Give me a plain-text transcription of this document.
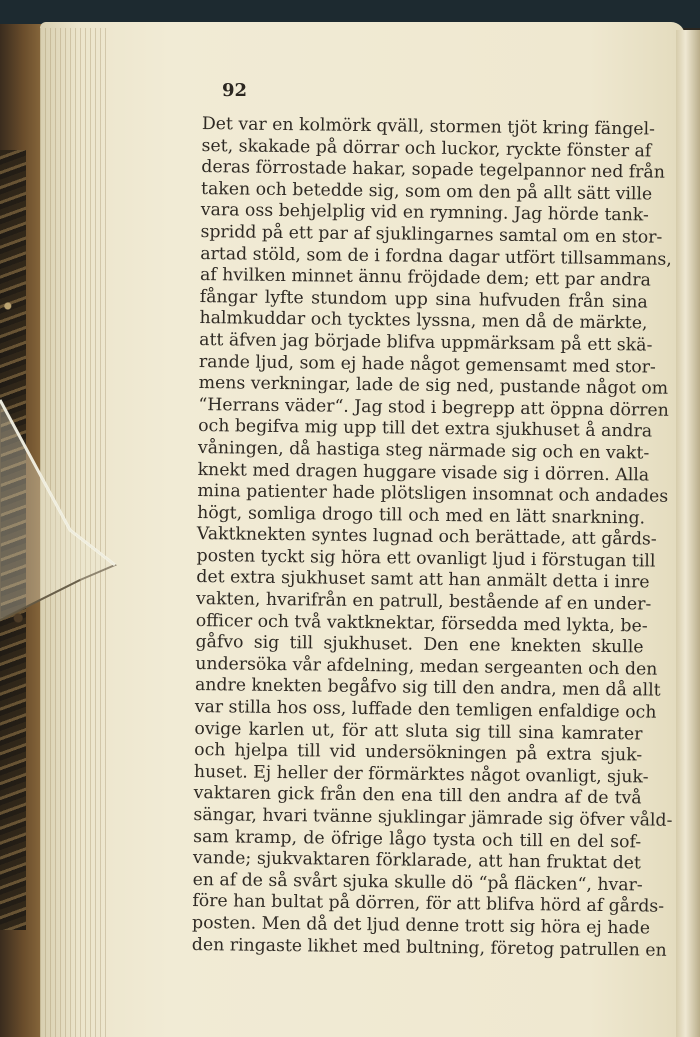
92
Det var en kolmörk qväll, stormen tjöt kring fängel-
set, skakade på dörrar och luckor, ryckte fönster af
deras förrostade hakar, sopade tegelpannor ned från
taken och betedde sig, som om den på allt sätt ville
vara oss behjelplig vid en rymning. Jag hörde tank-
spridd på ett par af sjuklingarnes samtal om en stor-
artad stöld, som de i fordna dagar utfört tillsammans,
af hvilken minnet ännu fröjdade dem; ett par andra
fångar lyfte stundom upp sina hufvuden från sina
halmkuddar och tycktes lyssna, men då de märkte,
att äfven jag började blifva uppmärksam på ett skä-
rande ljud, som ej hade något gemensamt med stor-
mens verkningar, lade de sig ned, pustande något om
“Herrans väder“. Jag stod i begrepp att öppna dörren
och begifva mig upp till det extra sjukhuset å andra
våningen, då hastiga steg närmade sig och en vakt-
knekt med dragen huggare visade sig i dörren. Alla
mina patienter hade plötsligen insomnat och andades
högt, somliga drogo till och med en lätt snarkning.
Vaktknekten syntes lugnad och berättade, att gårds-
posten tyckt sig höra ett ovanligt ljud i förstugan till
det extra sjukhuset samt att han anmält detta i inre
vakten, hvarifrån en patrull, bestående af en under-
officer och två vaktknektar, försedda med lykta, be-
gåfvo sig till sjukhuset. Den ene knekten skulle
undersöka vår afdelning, medan sergeanten och den
andre knekten begåfvo sig till den andra, men då allt
var stilla hos oss, luffade den temligen enfaldige och
ovige karlen ut, för att sluta sig till sina kamrater
och hjelpa till vid undersökningen på extra sjuk-
huset. Ej heller der förmärktes något ovanligt, sjuk-
vaktaren gick från den ena till den andra af de två
sängar, hvari tvänne sjuklingar jämrade sig öfver våld-
sam kramp, de öfrige lågo tysta och till en del sof-
vande; sjukvaktaren förklarade, att han fruktat det
en af de så svårt sjuka skulle dö “på fläcken“, hvar-
före han bultat på dörren, för att blifva hörd af gårds-
posten. Men då det ljud denne trott sig höra ej hade
den ringaste likhet med bultning, företog patrullen en
